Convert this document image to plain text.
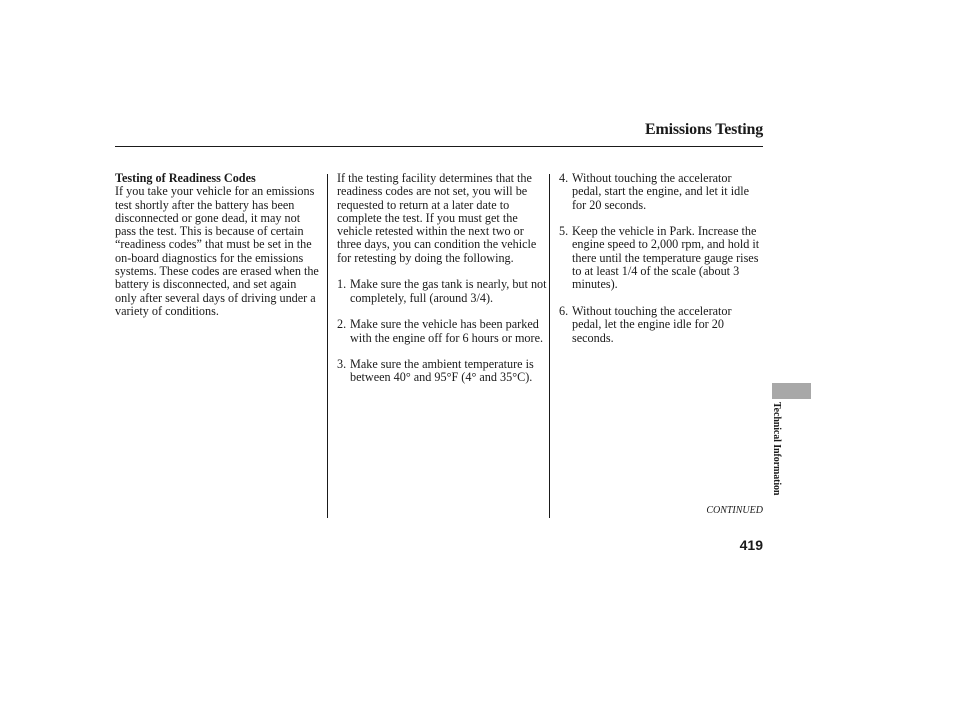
Emissions Testing

Testing of Readiness Codes

If you take your vehicle for an emissions test shortly after the battery has been disconnected or gone dead, it may not pass the test. This is because of certain “readiness codes” that must be set in the on-board diagnostics for the emissions systems. These codes are erased when the battery is disconnected, and set again only after several days of driving under a variety of conditions.

If the testing facility determines that the readiness codes are not set, you will be requested to return at a later date to complete the test. If you must get the vehicle retested within the next two or three days, you can condition the vehicle for retesting by doing the following.

1. Make sure the gas tank is nearly, but not completely, full (around 3/4).
2. Make sure the vehicle has been parked with the engine off for 6 hours or more.
3. Make sure the ambient temperature is between 40° and 95°F (4° and 35°C).
4. Without touching the accelerator pedal, start the engine, and let it idle for 20 seconds.
5. Keep the vehicle in Park. Increase the engine speed to 2,000 rpm, and hold it there until the temperature gauge rises to at least 1/4 of the scale (about 3 minutes).
6. Without touching the accelerator pedal, let the engine idle for 20 seconds.
Technical Information
CONTINUED
419
